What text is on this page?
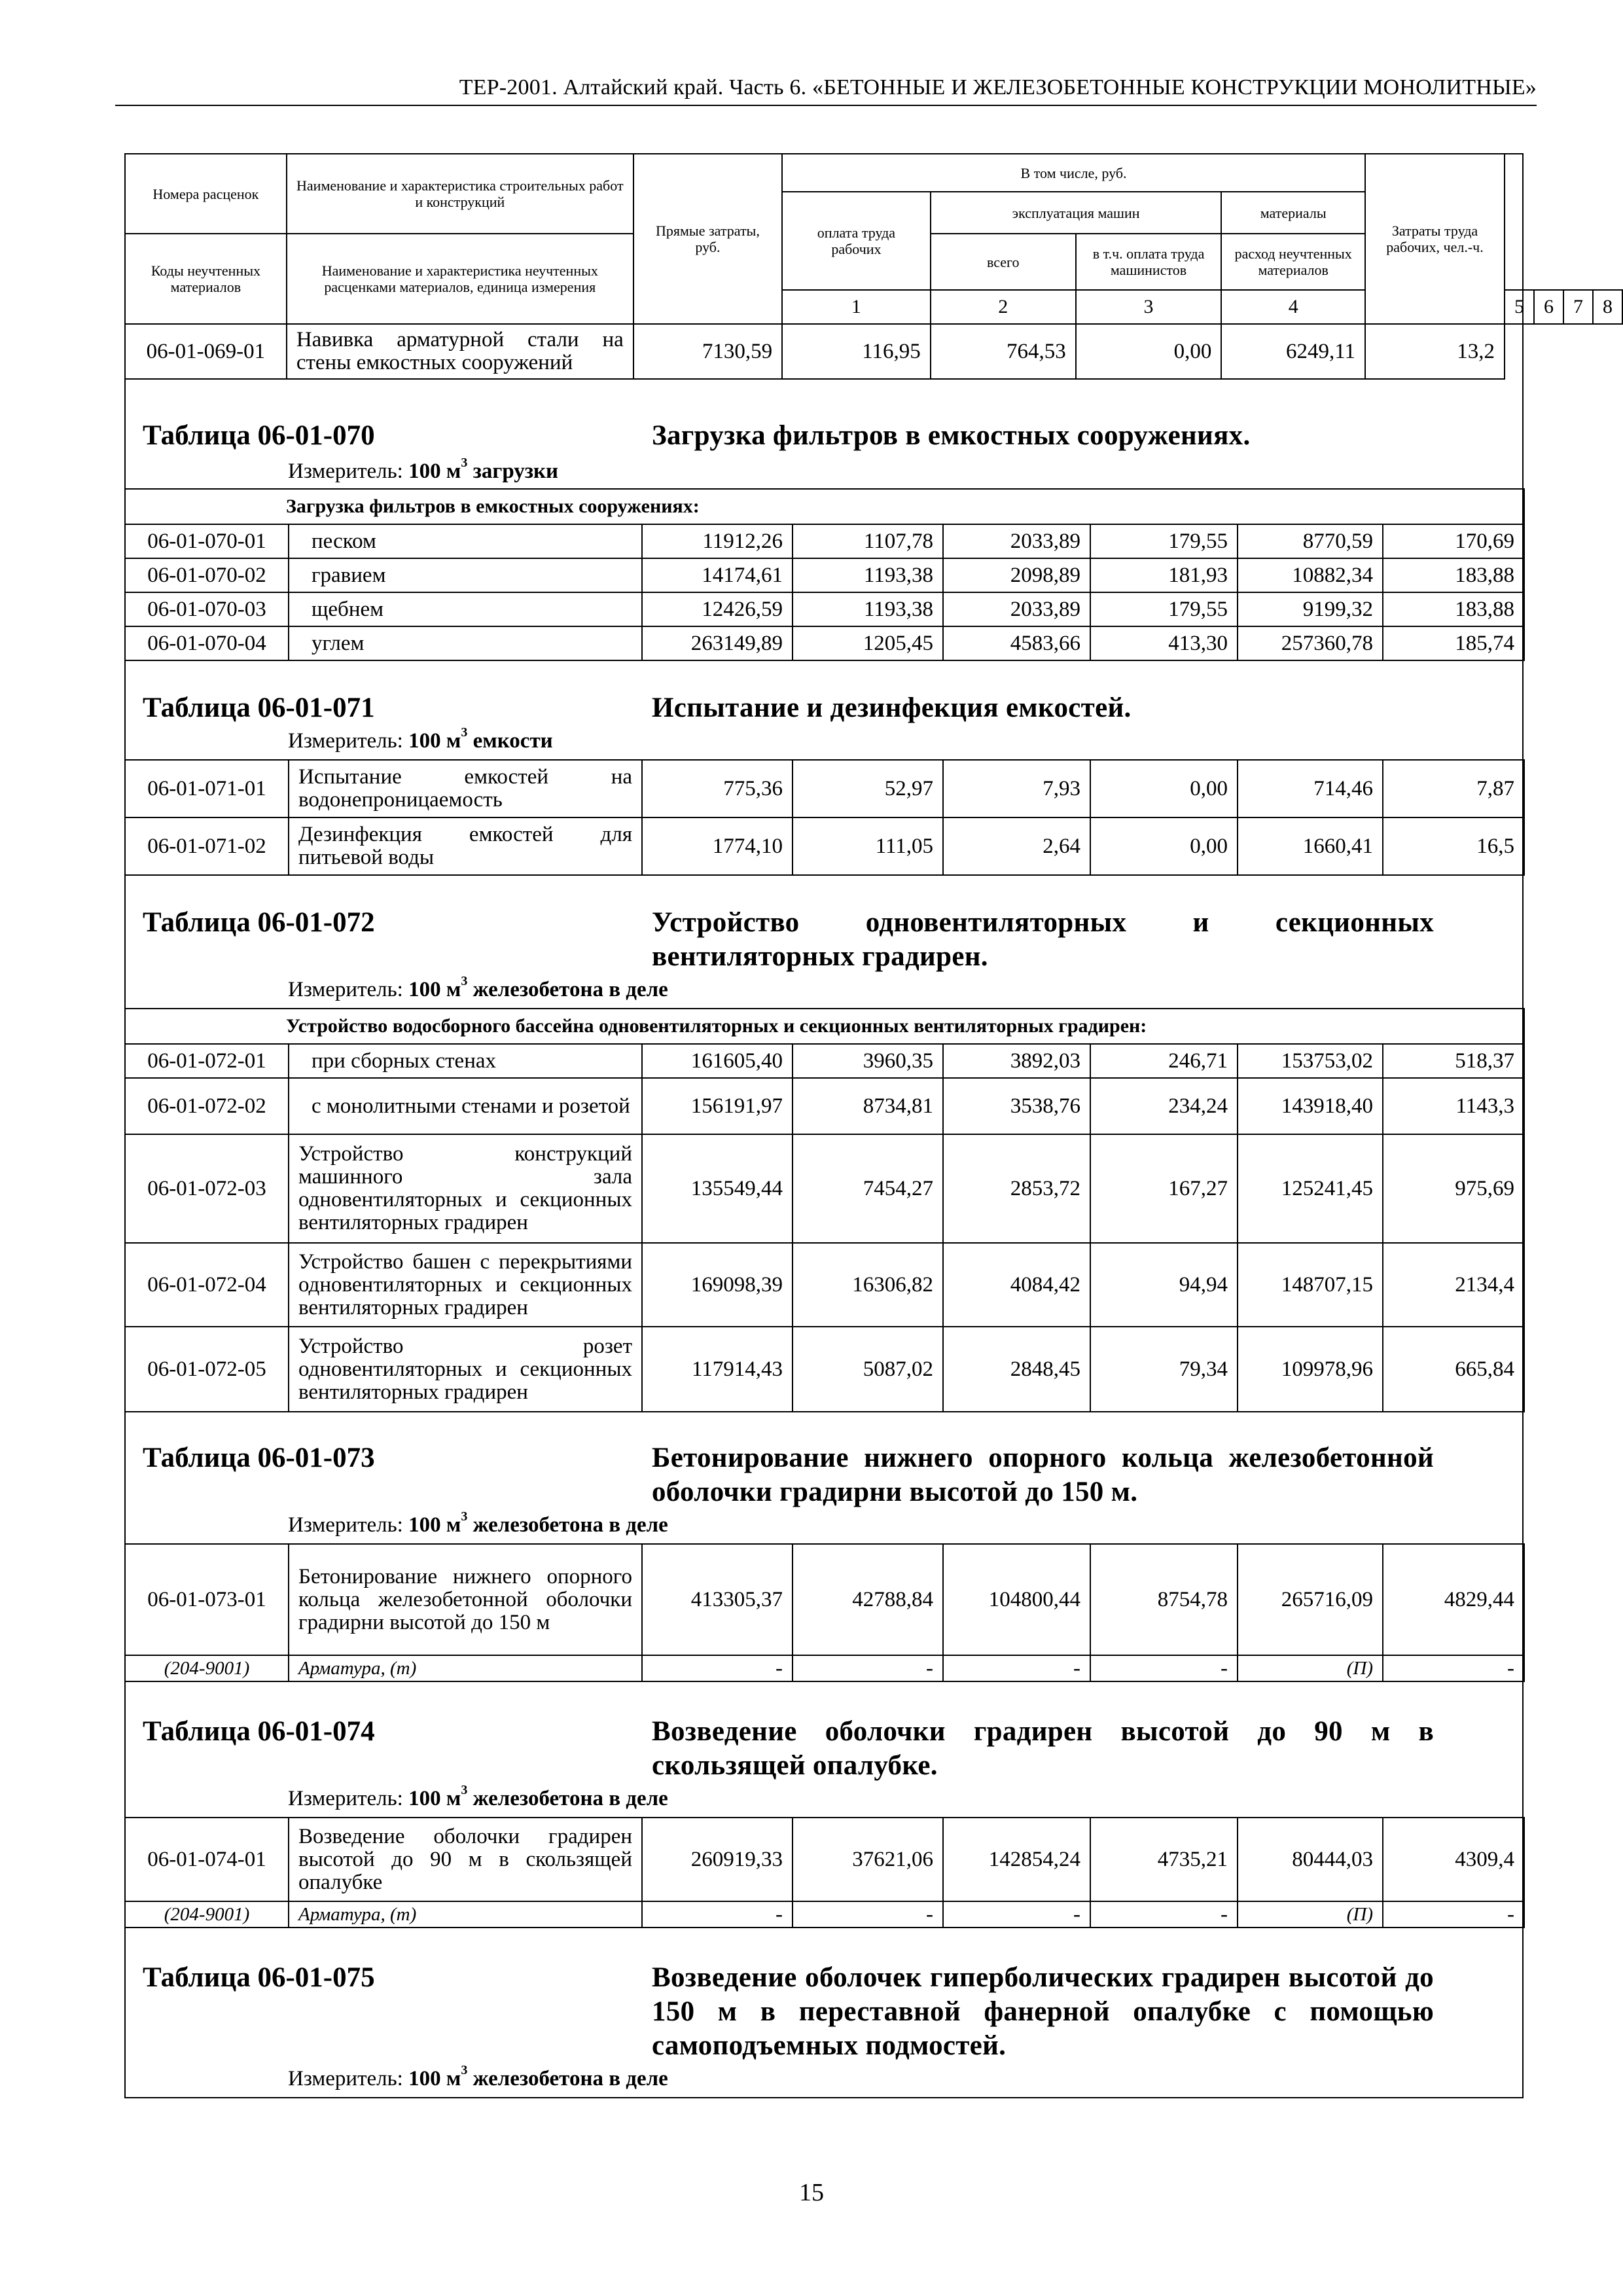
ТЕР-2001. Алтайский край. Часть 6. «БЕТОННЫЕ И ЖЕЛЕЗОБЕТОННЫЕ КОНСТРУКЦИИ МОНОЛИТНЫЕ»
Номера расценок	Наименование и характеристика строительных работ и конструкций	Прямые затраты, руб.	В том числе, руб.				Затраты труда рабочих, чел.-ч.				
			оплата труда рабочих	эксплуатация машин		материалы					
Коды неучтенных материалов	Наименование и характеристика неучтенных расценками материалов, единица измерения			всего	в т.ч. оплата труда машинистов	расход неучтенных материалов					
			1	2	3	4		5	6	7	8
06-01-069-01	Навивка арматурной стали на стены емкостных сооружений	7130,59	116,95	764,53	0,00	6249,11	13,2				
Таблица 06-01-070	Загрузка фильтров в емкостных сооружениях.
Измеритель: 100 $м^3$ загрузки
Загрузка фильтров в емкостных сооружениях:							
06-01-070-01	песком	11912,26	1107,78	2033,89	179,55	8770,59	170,69
06-01-070-02	гравием	14174,61	1193,38	2098,89	181,93	10882,34	183,88
06-01-070-03	щебнем	12426,59	1193,38	2033,89	179,55	9199,32	183,88
06-01-070-04	углем	263149,89	1205,45	4583,66	413,30	257360,78	185,74
Таблица 06-01-071	Испытание и дезинфекция емкостей.
Измеритель: 100 $м^3$ емкости
06-01-071-01	Испытание емкостей на водонепроницаемость	775,36	52,97	7,93	0,00	714,46	7,87
06-01-071-02	Дезинфекция емкостей для питьевой воды	1774,10	111,05	2,64	0,00	1660,41	16,5
Таблица 06-01-072	Устройство одновентиляторных и секционных вентиляторных градирен.
Измеритель: 100 $м^3$ железобетона в деле
Устройство водосборного бассейна одновентиляторных и секционных вентиляторных градирен:							
06-01-072-01	при сборных стенах	161605,40	3960,35	3892,03	246,71	153753,02	518,37
06-01-072-02	с монолитными стенами и розетой	156191,97	8734,81	3538,76	234,24	143918,40	1143,3
06-01-072-03	Устройство конструкций машинного зала одновентиляторных и секционных вентиляторных градирен	135549,44	7454,27	2853,72	167,27	125241,45	975,69
06-01-072-04	Устройство башен с перекрытиями одновентиляторных и секционных вентиляторных градирен	169098,39	16306,82	4084,42	94,94	148707,15	2134,4
06-01-072-05	Устройство розет одновентиляторных и секционных вентиляторных градирен	117914,43	5087,02	2848,45	79,34	109978,96	665,84
Таблица 06-01-073	Бетонирование нижнего опорного кольца железобетонной оболочки градирни высотой до 150 м.
Измеритель: 100 $м^3$ железобетона в деле
06-01-073-01	Бетонирование нижнего опорного кольца железобетонной оболочки градирни высотой до 150 м	413305,37	42788,84	104800,44	8754,78	265716,09	4829,44
(204-9001)	Арматура, (т)	-	-	-	-	(П)	-
Таблица 06-01-074	Возведение оболочки градирен высотой до 90 м в скользящей опалубке.
Измеритель: 100 $м^3$ железобетона в деле
06-01-074-01	Возведение оболочки градирен высотой до 90 м в скользящей опалубке	260919,33	37621,06	142854,24	4735,21	80444,03	4309,4
(204-9001)	Арматура, (т)	-	-	-	-	(П)	-
Таблица 06-01-075	Возведение оболочек гиперболических градирен высотой до 150 м в переставной фанерной опалубке с помощью самоподъемных подмостей.
Измеритель: 100 $м^3$ железобетона в деле
15
